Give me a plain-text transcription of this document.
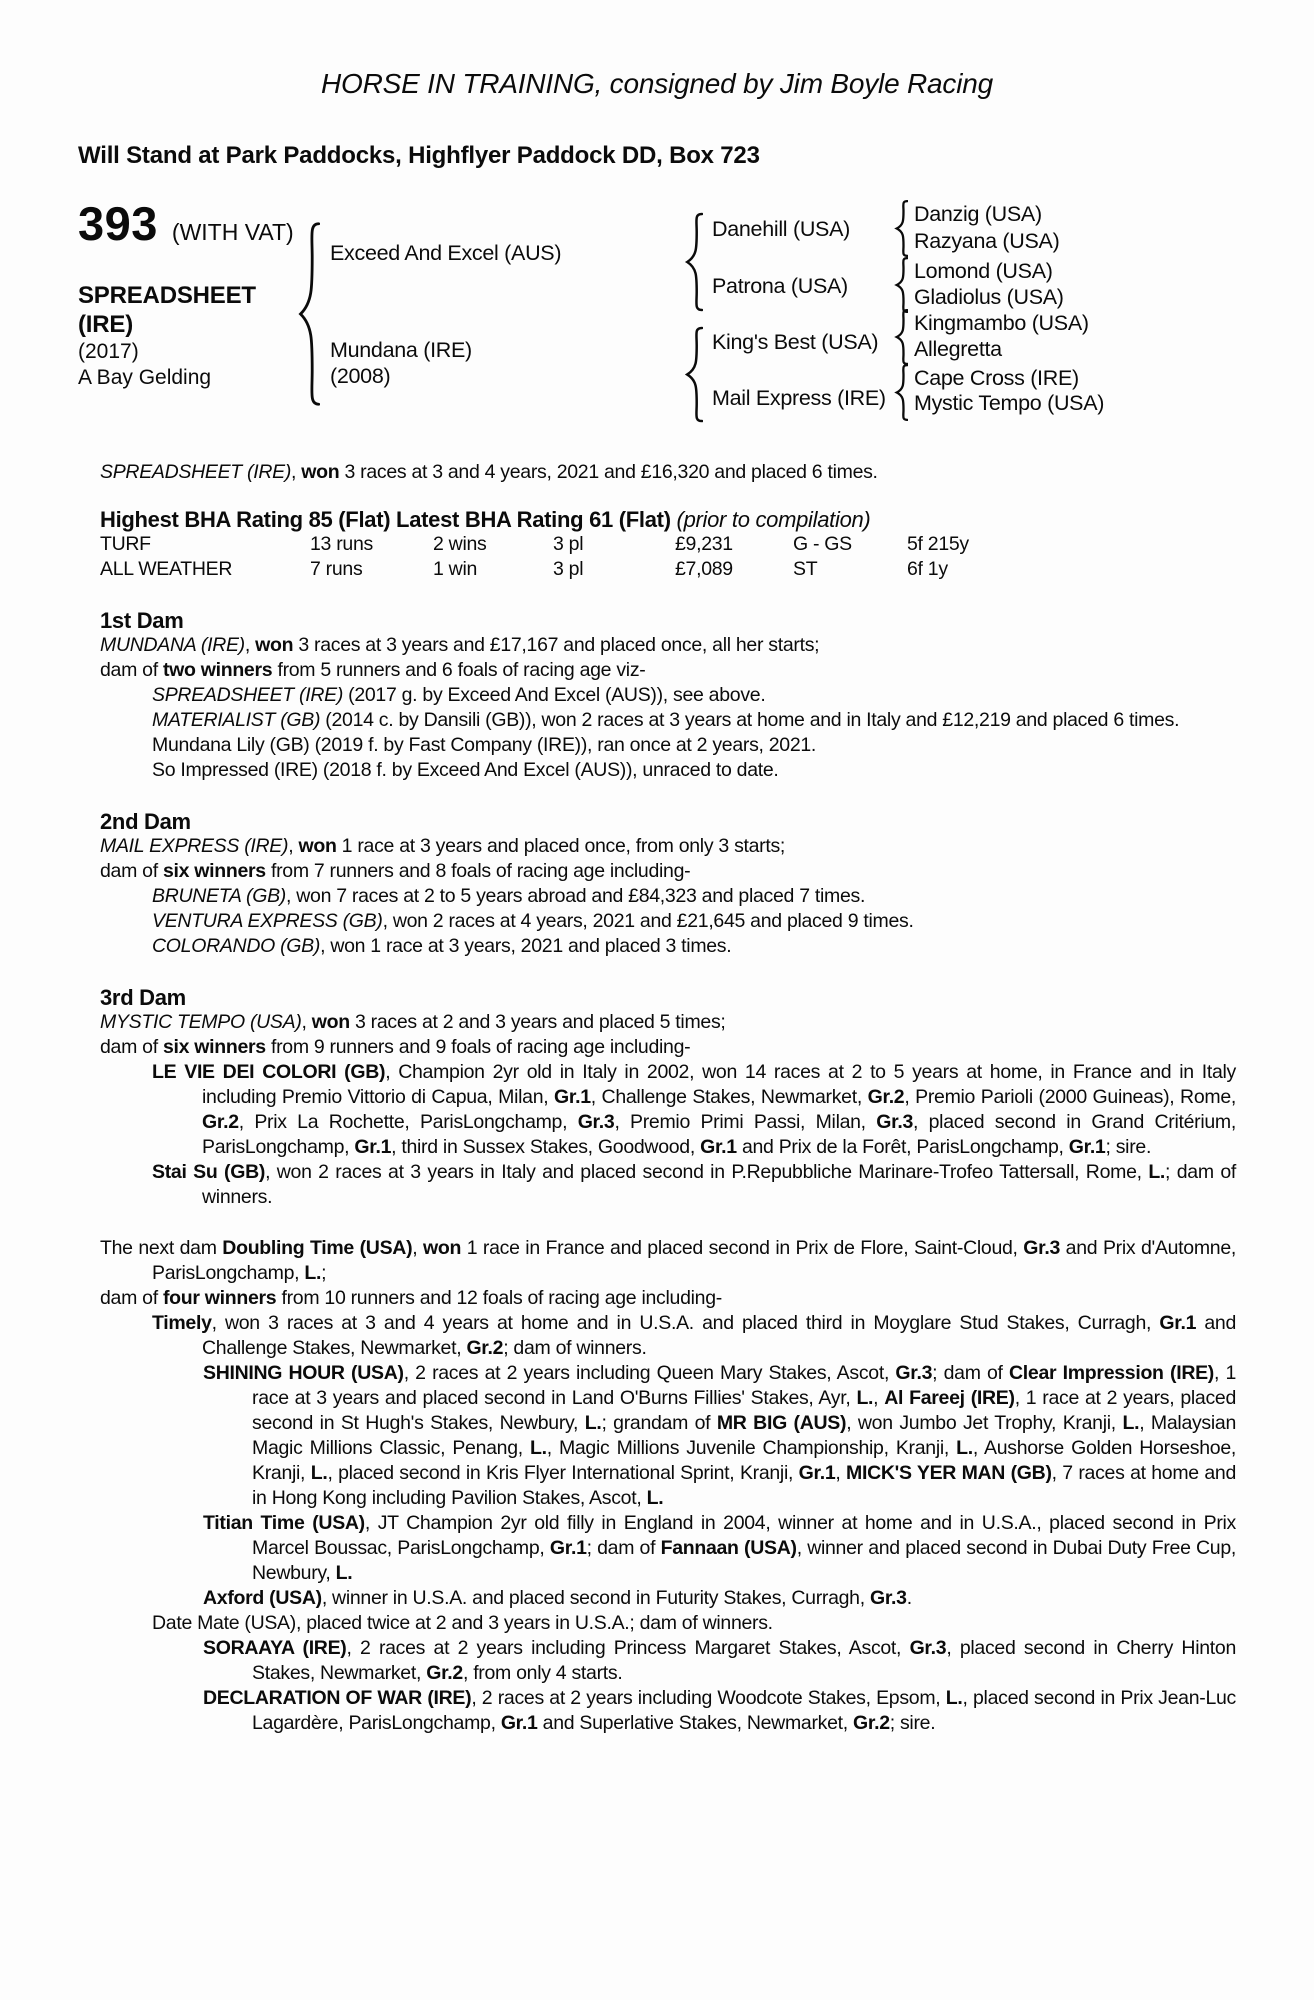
HORSE IN TRAINING, consigned by Jim Boyle Racing
Will Stand at Park Paddocks, Highflyer Paddock DD, Box 723
393 (WITH VAT)
SPREADSHEET
(IRE)
(2017)
A Bay Gelding
Exceed And Excel (AUS)
Mundana (IRE)
(2008)
Danehill (USA)
Patrona (USA)
King's Best (USA)
Mail Express (IRE)
Danzig (USA)
Razyana (USA)
Lomond (USA)
Gladiolus (USA)
Kingmambo (USA)
Allegretta
Cape Cross (IRE)
Mystic Tempo (USA)
SPREADSHEET (IRE), won 3 races at 3 and 4 years, 2021 and £16,320 and placed 6 times.
Highest BHA Rating 85 (Flat) Latest BHA Rating 61 (Flat) (prior to compilation)
TURF	13 runs	2 wins	3 pl	£9,231	G - GS	5f 215y
ALL WEATHER	7 runs	1 win	3 pl	£7,089	ST	6f 1y
1st Dam
MUNDANA (IRE), won 3 races at 3 years and £17,167 and placed once, all her starts;
dam of two winners from 5 runners and 6 foals of racing age viz-
SPREADSHEET (IRE) (2017 g. by Exceed And Excel (AUS)), see above.
MATERIALIST (GB) (2014 c. by Dansili (GB)), won 2 races at 3 years at home and in Italy and £12,219 and placed 6 times.
Mundana Lily (GB) (2019 f. by Fast Company (IRE)), ran once at 2 years, 2021.
So Impressed (IRE) (2018 f. by Exceed And Excel (AUS)), unraced to date.
2nd Dam
MAIL EXPRESS (IRE), won 1 race at 3 years and placed once, from only 3 starts;
dam of six winners from 7 runners and 8 foals of racing age including-
BRUNETA (GB), won 7 races at 2 to 5 years abroad and £84,323 and placed 7 times.
VENTURA EXPRESS (GB), won 2 races at 4 years, 2021 and £21,645 and placed 9 times.
COLORANDO (GB), won 1 race at 3 years, 2021 and placed 3 times.
3rd Dam
MYSTIC TEMPO (USA), won 3 races at 2 and 3 years and placed 5 times;
dam of six winners from 9 runners and 9 foals of racing age including-
LE VIE DEI COLORI (GB), Champion 2yr old in Italy in 2002, won 14 races at 2 to 5 years at home, in France and in Italy including Premio Vittorio di Capua, Milan, Gr.1, Challenge Stakes, Newmarket, Gr.2, Premio Parioli (2000 Guineas), Rome, Gr.2, Prix La Rochette, ParisLongchamp, Gr.3, Premio Primi Passi, Milan, Gr.3, placed second in Grand Critérium, ParisLongchamp, Gr.1, third in Sussex Stakes, Goodwood, Gr.1 and Prix de la Forêt, ParisLongchamp, Gr.1; sire.
Stai Su (GB), won 2 races at 3 years in Italy and placed second in P.Repubbliche Marinare-Trofeo Tattersall, Rome, L.; dam of winners.
The next dam Doubling Time (USA), won 1 race in France and placed second in Prix de Flore, Saint-Cloud, Gr.3 and Prix d'Automne, ParisLongchamp, L.;
dam of four winners from 10 runners and 12 foals of racing age including-
Timely, won 3 races at 3 and 4 years at home and in U.S.A. and placed third in Moyglare Stud Stakes, Curragh, Gr.1 and Challenge Stakes, Newmarket, Gr.2; dam of winners.
SHINING HOUR (USA), 2 races at 2 years including Queen Mary Stakes, Ascot, Gr.3; dam of Clear Impression (IRE), 1 race at 3 years and placed second in Land O'Burns Fillies' Stakes, Ayr, L., Al Fareej (IRE), 1 race at 2 years, placed second in St Hugh's Stakes, Newbury, L.; grandam of MR BIG (AUS), won Jumbo Jet Trophy, Kranji, L., Malaysian Magic Millions Classic, Penang, L., Magic Millions Juvenile Championship, Kranji, L., Aushorse Golden Horseshoe, Kranji, L., placed second in Kris Flyer International Sprint, Kranji, Gr.1, MICK'S YER MAN (GB), 7 races at home and in Hong Kong including Pavilion Stakes, Ascot, L.
Titian Time (USA), JT Champion 2yr old filly in England in 2004, winner at home and in U.S.A., placed second in Prix Marcel Boussac, ParisLongchamp, Gr.1; dam of Fannaan (USA), winner and placed second in Dubai Duty Free Cup, Newbury, L.
Axford (USA), winner in U.S.A. and placed second in Futurity Stakes, Curragh, Gr.3.
Date Mate (USA), placed twice at 2 and 3 years in U.S.A.; dam of winners.
SORAAYA (IRE), 2 races at 2 years including Princess Margaret Stakes, Ascot, Gr.3, placed second in Cherry Hinton Stakes, Newmarket, Gr.2, from only 4 starts.
DECLARATION OF WAR (IRE), 2 races at 2 years including Woodcote Stakes, Epsom, L., placed second in Prix Jean-Luc Lagardère, ParisLongchamp, Gr.1 and Superlative Stakes, Newmarket, Gr.2; sire.
